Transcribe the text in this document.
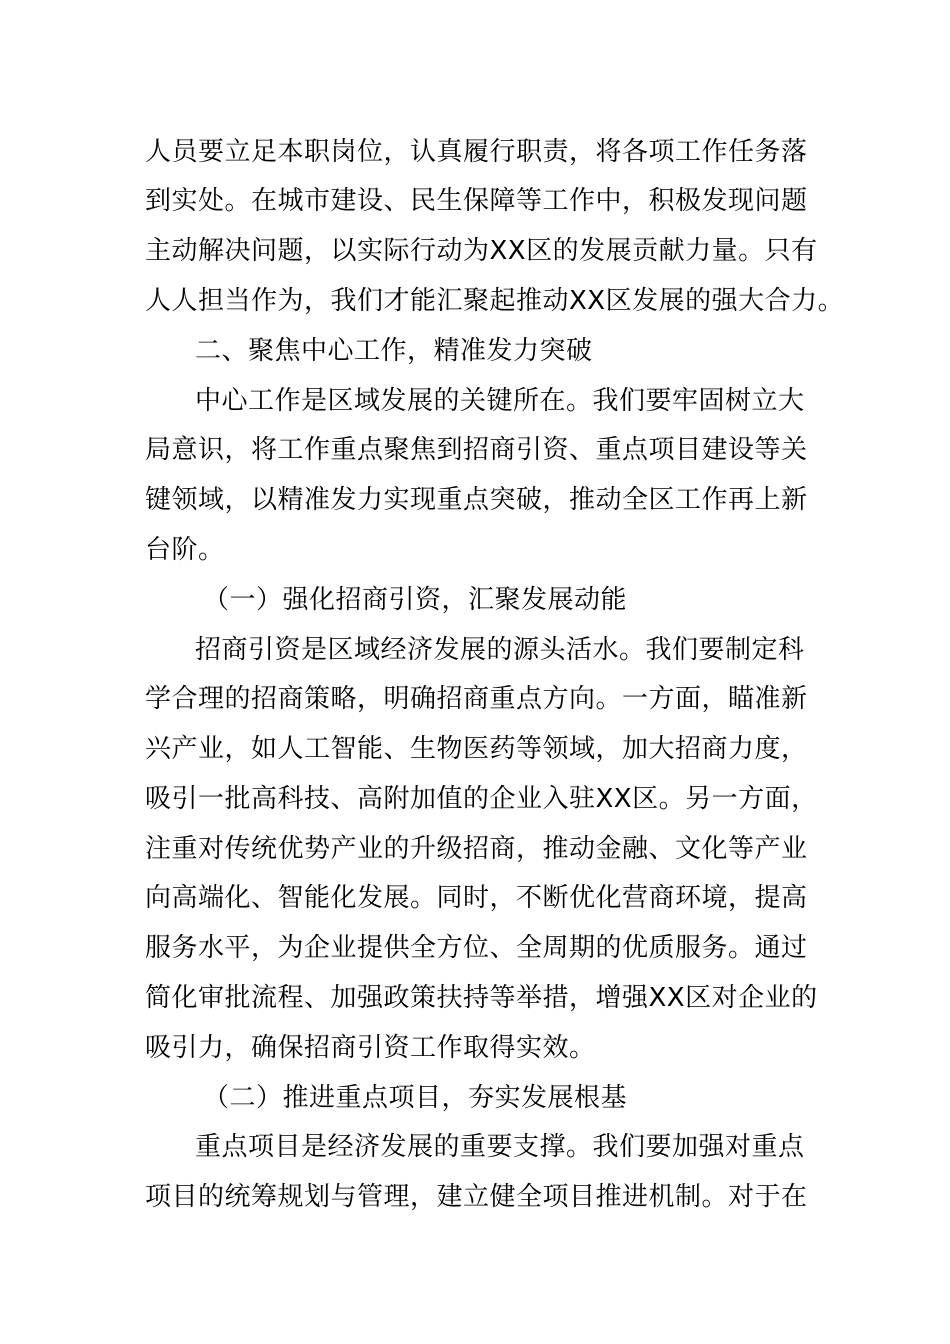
人员要立足本职岗位，认真履行职责，将各项工作任务落
到实处。在城市建设、民生保障等工作中，积极发现问题
主动解决问题，以实际行动为XX区的发展贡献力量。只有
人人担当作为，我们才能汇聚起推动XX区发展的强大合力。
二、聚焦中心工作，精准发力突破
中心工作是区域发展的关键所在。我们要牢固树立大
局意识，将工作重点聚焦到招商引资、重点项目建设等关
键领域，以精准发力实现重点突破，推动全区工作再上新
台阶。
（一）强化招商引资，汇聚发展动能
招商引资是区域经济发展的源头活水。我们要制定科
学合理的招商策略，明确招商重点方向。一方面，瞄准新
兴产业，如人工智能、生物医药等领域，加大招商力度，
吸引一批高科技、高附加值的企业入驻XX区。另一方面，
注重对传统优势产业的升级招商，推动金融、文化等产业
向高端化、智能化发展。同时，不断优化营商环境，提高
服务水平，为企业提供全方位、全周期的优质服务。通过
简化审批流程、加强政策扶持等举措，增强XX区对企业的
吸引力，确保招商引资工作取得实效。
（二）推进重点项目，夯实发展根基
重点项目是经济发展的重要支撑。我们要加强对重点
项目的统筹规划与管理，建立健全项目推进机制。对于在
